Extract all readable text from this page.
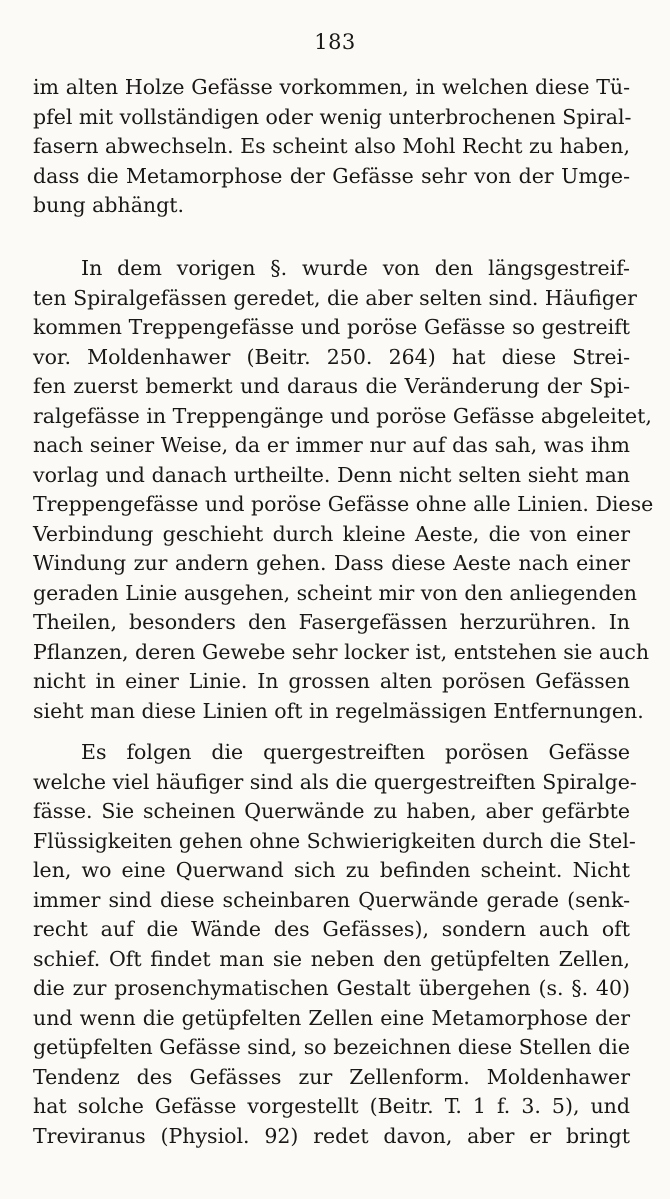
183
im alten Holze Gefässe vorkommen, in welchen diese Tü-
pfel mit vollständigen oder wenig unterbrochenen Spiral-
fasern abwechseln. Es scheint also Mohl Recht zu haben,
dass die Metamorphose der Gefässe sehr von der Umge-
bung abhängt.
In dem vorigen §. wurde von den längsgestreif-
ten Spiralgefässen geredet, die aber selten sind. Häufiger
kommen Treppengefässe und poröse Gefässe so gestreift
vor. Moldenhawer (Beitr. 250. 264) hat diese Strei-
fen zuerst bemerkt und daraus die Veränderung der Spi-
ralgefässe in Treppengänge und poröse Gefässe abgeleitet,
nach seiner Weise, da er immer nur auf das sah, was ihm
vorlag und danach urtheilte. Denn nicht selten sieht man
Treppengefässe und poröse Gefässe ohne alle Linien. Diese
Verbindung geschieht durch kleine Aeste, die von einer
Windung zur andern gehen. Dass diese Aeste nach einer
geraden Linie ausgehen, scheint mir von den anliegenden
Theilen, besonders den Fasergefässen herzurühren. In
Pflanzen, deren Gewebe sehr locker ist, entstehen sie auch
nicht in einer Linie. In grossen alten porösen Gefässen
sieht man diese Linien oft in regelmässigen Entfernungen.
Es folgen die quergestreiften porösen Gefässe
welche viel häufiger sind als die quergestreiften Spiralge-
fässe. Sie scheinen Querwände zu haben, aber gefärbte
Flüssigkeiten gehen ohne Schwierigkeiten durch die Stel-
len, wo eine Querwand sich zu befinden scheint. Nicht
immer sind diese scheinbaren Querwände gerade (senk-
recht auf die Wände des Gefässes), sondern auch oft
schief. Oft findet man sie neben den getüpfelten Zellen,
die zur prosenchymatischen Gestalt übergehen (s. §. 40)
und wenn die getüpfelten Zellen eine Metamorphose der
getüpfelten Gefässe sind, so bezeichnen diese Stellen die
Tendenz des Gefässes zur Zellenform. Moldenhawer
hat solche Gefässe vorgestellt (Beitr. T. 1 f. 3. 5), und
Treviranus (Physiol. 92) redet davon, aber er bringt
